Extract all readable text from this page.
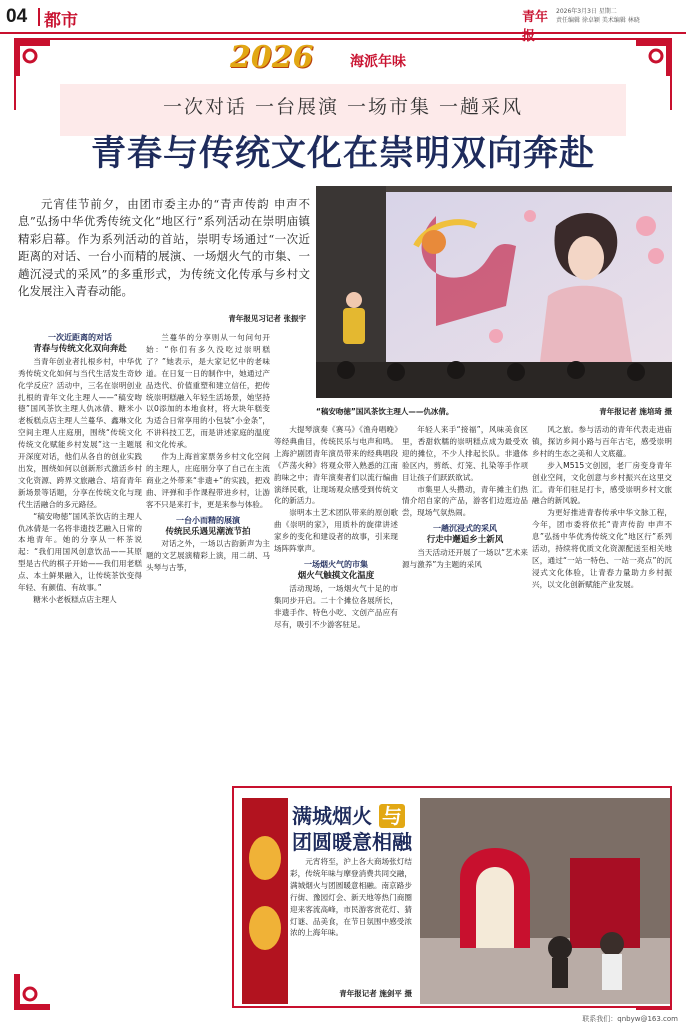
04 都市	青年报
2026年3月3日 星期二
责任编辑 徐卓颖 美术编辑 林晓
2026	海派年味
一次对话 一台展演 一场市集 一趟采风
青春与传统文化在崇明双向奔赴
元宵佳节前夕，由团市委主办的“青声传韵 申声不息”弘扬中华优秀传统文化“地区行”系列活动在崇明庙镇精彩启幕。作为系列活动的首站，崇明专场通过“一次近距离的对话、一台小而精的展演、一场烟火气的市集、一趟沉浸式的采风”的多重形式，为传统文化传承与乡村文化发展注入青春动能。
青年报见习记者 张振宇
“稿安吻徳”国风茶饮主理人——仇冰倩。	青年报记者 施培琦 摄
一次近距离的对话
青春与传统文化双向奔赴

当青年创业者扎根乡村，中华优秀传统文化如何与当代生活发生奇妙化学反应？活动中，三名在崇明创业扎根的青年文化主理人——“稿安吻徳”国风茶饮主理人仇冰倩、糖米小老板糕点店主理人兰蔓华、鑫琳文化空间主理人庄庭朋，围绕“传统文化传统文化赋能乡村发展”这一主题展开深度对话，他们从各自的创业实践出发，围绕如何以创新形式激活乡村文化资源、跨界文旅融合、培育青年新场景等话题，分享在传统文化与现代生活融合的多元路径。

“稿安吻徳”国风茶饮店的主理人仇冰倩是一名将非遗技艺融入日常的本地青年。她的分享从一杯茶说起：“我们用国风创意饮品——其原型是古代的棋子开始——我们用老糕点、本土鲜果融入，让传统茶饮变得年轻、有颜值、有故事。”

糖米小老板糕点店主理人

兰蔓华的分享则从一句问句开始：“你们有多久没吃过崇明糕了？”她表示，是大家记忆中的老味道。在日复一日的制作中，她通过产品迭代、价值重塑和建立信任，把传统崇明糕融入年轻生活场景，她坚持以0添加的本地食材，将大块年糕变为适合日常享用的小包装“小金条”，不讲科技工艺，而是讲述家庭的温度和文化传承。

作为上海首家票务乡村文化空间的主理人，庄庭朋分享了自己在主流商业之外带来“非遗+”的实践，把戏曲、评弹和手作课程带进乡村，让游客不只是来打卡，更是来参与体验。

一台小而精的展演
传统民乐遇见潮流节拍

对话之外，一场以古韵新声为主题的文艺展演精彩上演，用二胡、马头琴与古筝，

大提琴演奏《赛马》《渔舟唱晚》等经典曲目，传统民乐与电声和鸣。上海沪剧团青年演员带来的经典唱段《芦荡火种》将观众带入熟悉的江南韵味之中；青年演奏者们以流行编曲演绎民歌，让现场观众感受到传统文化的新活力。

崇明本土艺术团队带来的原创歌曲《崇明的家》，用质朴的旋律讲述家乡的变化和建设者的故事，引来现场阵阵掌声。

一场烟火气的市集
烟火气触摸文化温度

活动现场，一场烟火气十足的市集同步开启。二十个摊位各展所长，非遗手作、特色小吃、文创产品应有尽有，吸引不少游客驻足。

年轻人来手“接福”，风味美食区里，香甜软糯的崇明糕点成为最受欢迎的摊位，不少人排起长队。非遗体验区内，剪纸、灯笼、扎染等手作项目让孩子们跃跃欲试。

市集里人头攒动，青年摊主们热情介绍自家的产品，游客们边逛边品尝，现场气氛热闹。

一趟沉浸式的采风
行走中邂逅乡土新风

当天活动还开展了一场以“艺术来源与激养”为主题的采风

风之旅。参与活动的青年代表走进庙镇，探访乡间小路与百年古宅，感受崇明乡村的生态之美和人文底蕴。

步入M515文创园，老厂房变身青年创业空间，文化创意与乡村振兴在这里交汇。青年们驻足打卡，感受崇明乡村文旅融合的新风貌。

为更好推进青春传承中华文脉工程，今年，团市委将依托“青声传韵 申声不息”弘扬中华优秀传统文化“地区行”系列活动，持续将优质文化资源配送至相关地区，通过“一站一特色、一站一亮点”的沉浸式文化体验，让青春力量助力乡村振兴，以文化创新赋能产业发展。

满城烟火 与
团圆暖意相融
元宵将至，沪上各大商场张灯结彩，传统年味与摩登消费共同交融，满城烟火与团圆暖意相融。南京路步行街、豫园灯会、新天地等热门商圈迎来客流高峰，市民游客赏花灯、猜灯谜、品美食，在节日氛围中感受浓浓的上海年味。
青年报记者 施剑平 摄
联系我们：qnbyw@163.com
